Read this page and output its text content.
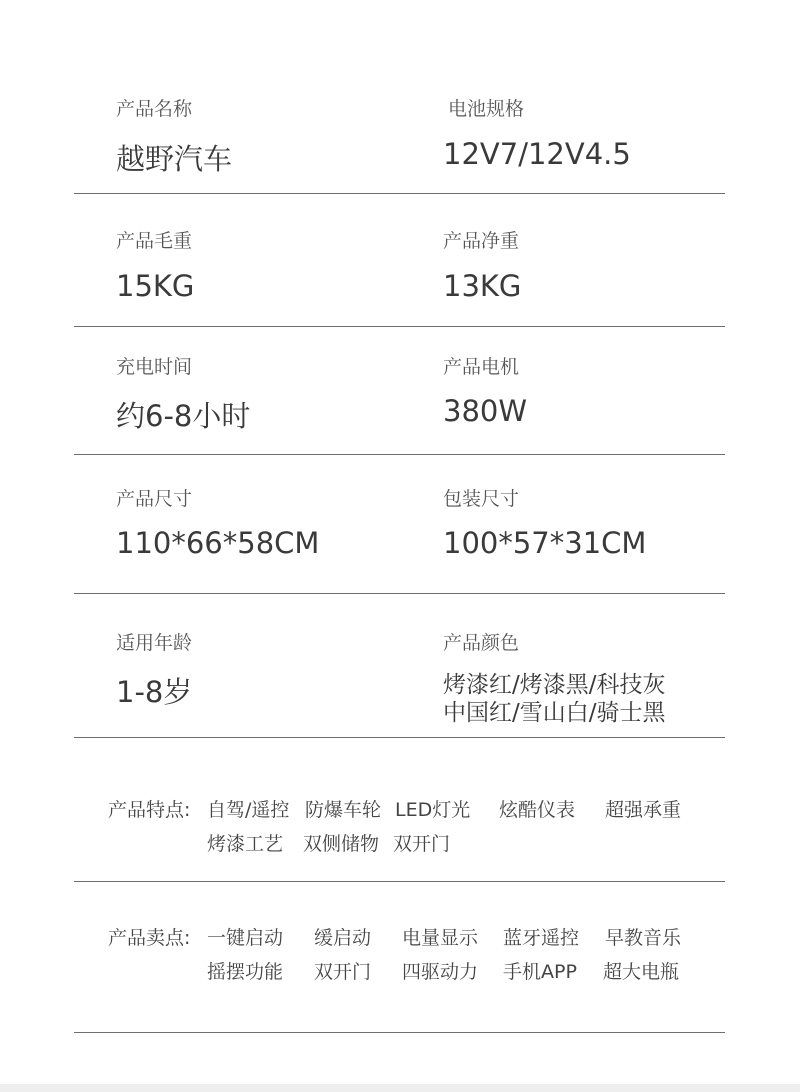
产品名称
越野汽车
电池规格
12V7/12V4.5
产品毛重
15KG
产品净重
13KG
充电时间
约6-8小时
产品电机
380W
产品尺寸
110*66*58CM
包装尺寸
100*57*31CM
适用年龄
1-8岁
产品颜色
烤漆红/烤漆黑/科技灰
中国红/雪山白/骑士黑
产品特点: 自驾/遥控 防爆车轮 LED灯光 炫酷仪表 超强承重
烤漆工艺 双侧储物 双开门
产品卖点: 一键启动 缓启动 电量显示 蓝牙遥控 早教音乐
摇摆功能 双开门 四驱动力 手机APP 超大电瓶
